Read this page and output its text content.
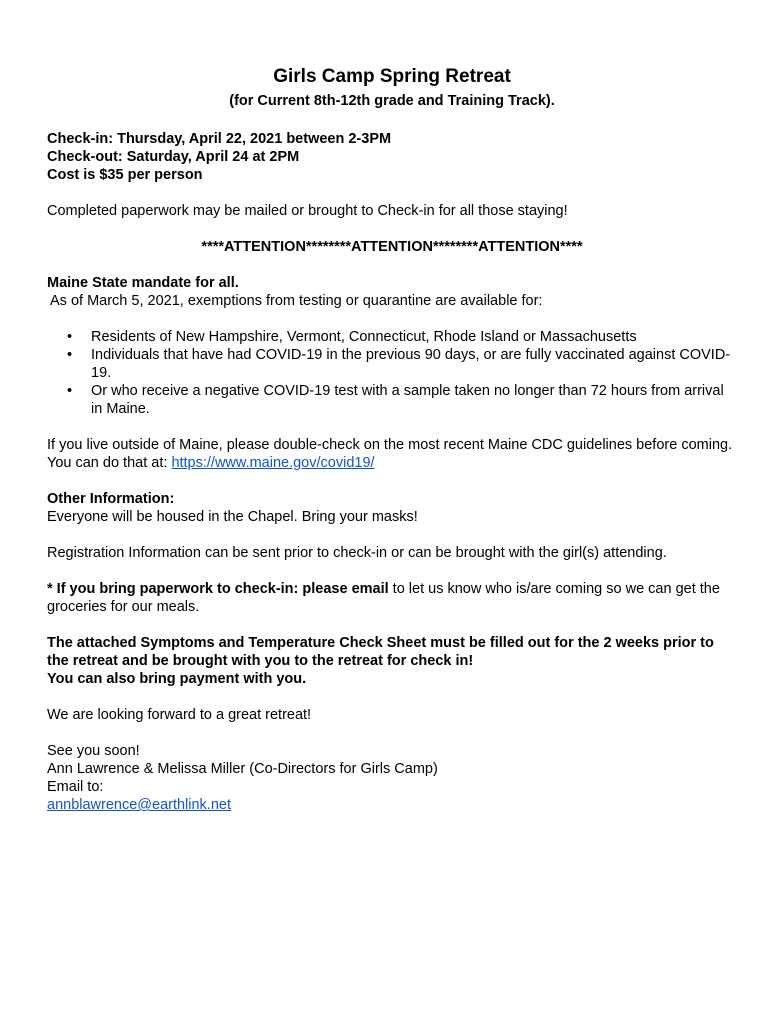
Girls Camp Spring Retreat

(for Current 8th-12th grade and Training Track).

Check-in: Thursday, April 22, 2021 between 2-3PM

Check-out: Saturday, April 24 at 2PM

Cost is $35 per person

Completed paperwork may be mailed or brought to Check-in for all those staying!

****ATTENTION********ATTENTION********ATTENTION****

Maine State mandate for all.

As of March 5, 2021, exemptions from testing or quarantine are available for:

• Residents of New Hampshire, Vermont, Connecticut, Rhode Island or Massachusetts
• Individuals that have had COVID-19 in the previous 90 days, or are fully vaccinated against COVID-19.
• Or who receive a negative COVID-19 test with a sample taken no longer than 72 hours from arrival in Maine.

If you live outside of Maine, please double-check on the most recent Maine CDC guidelines before coming. You can do that at: https://www.maine.gov/covid19/

Other Information:

Everyone will be housed in the Chapel. Bring your masks!

Registration Information can be sent prior to check-in or can be brought with the girl(s) attending.

* If you bring paperwork to check-in: please email to let us know who is/are coming so we can get the groceries for our meals.

The attached Symptoms and Temperature Check Sheet must be filled out for the 2 weeks prior to the retreat and be brought with you to the retreat for check in!

You can also bring payment with you.

We are looking forward to a great retreat!

See you soon!

Ann Lawrence & Melissa Miller (Co-Directors for Girls Camp)

Email to:

annblawrence@earthlink.net
